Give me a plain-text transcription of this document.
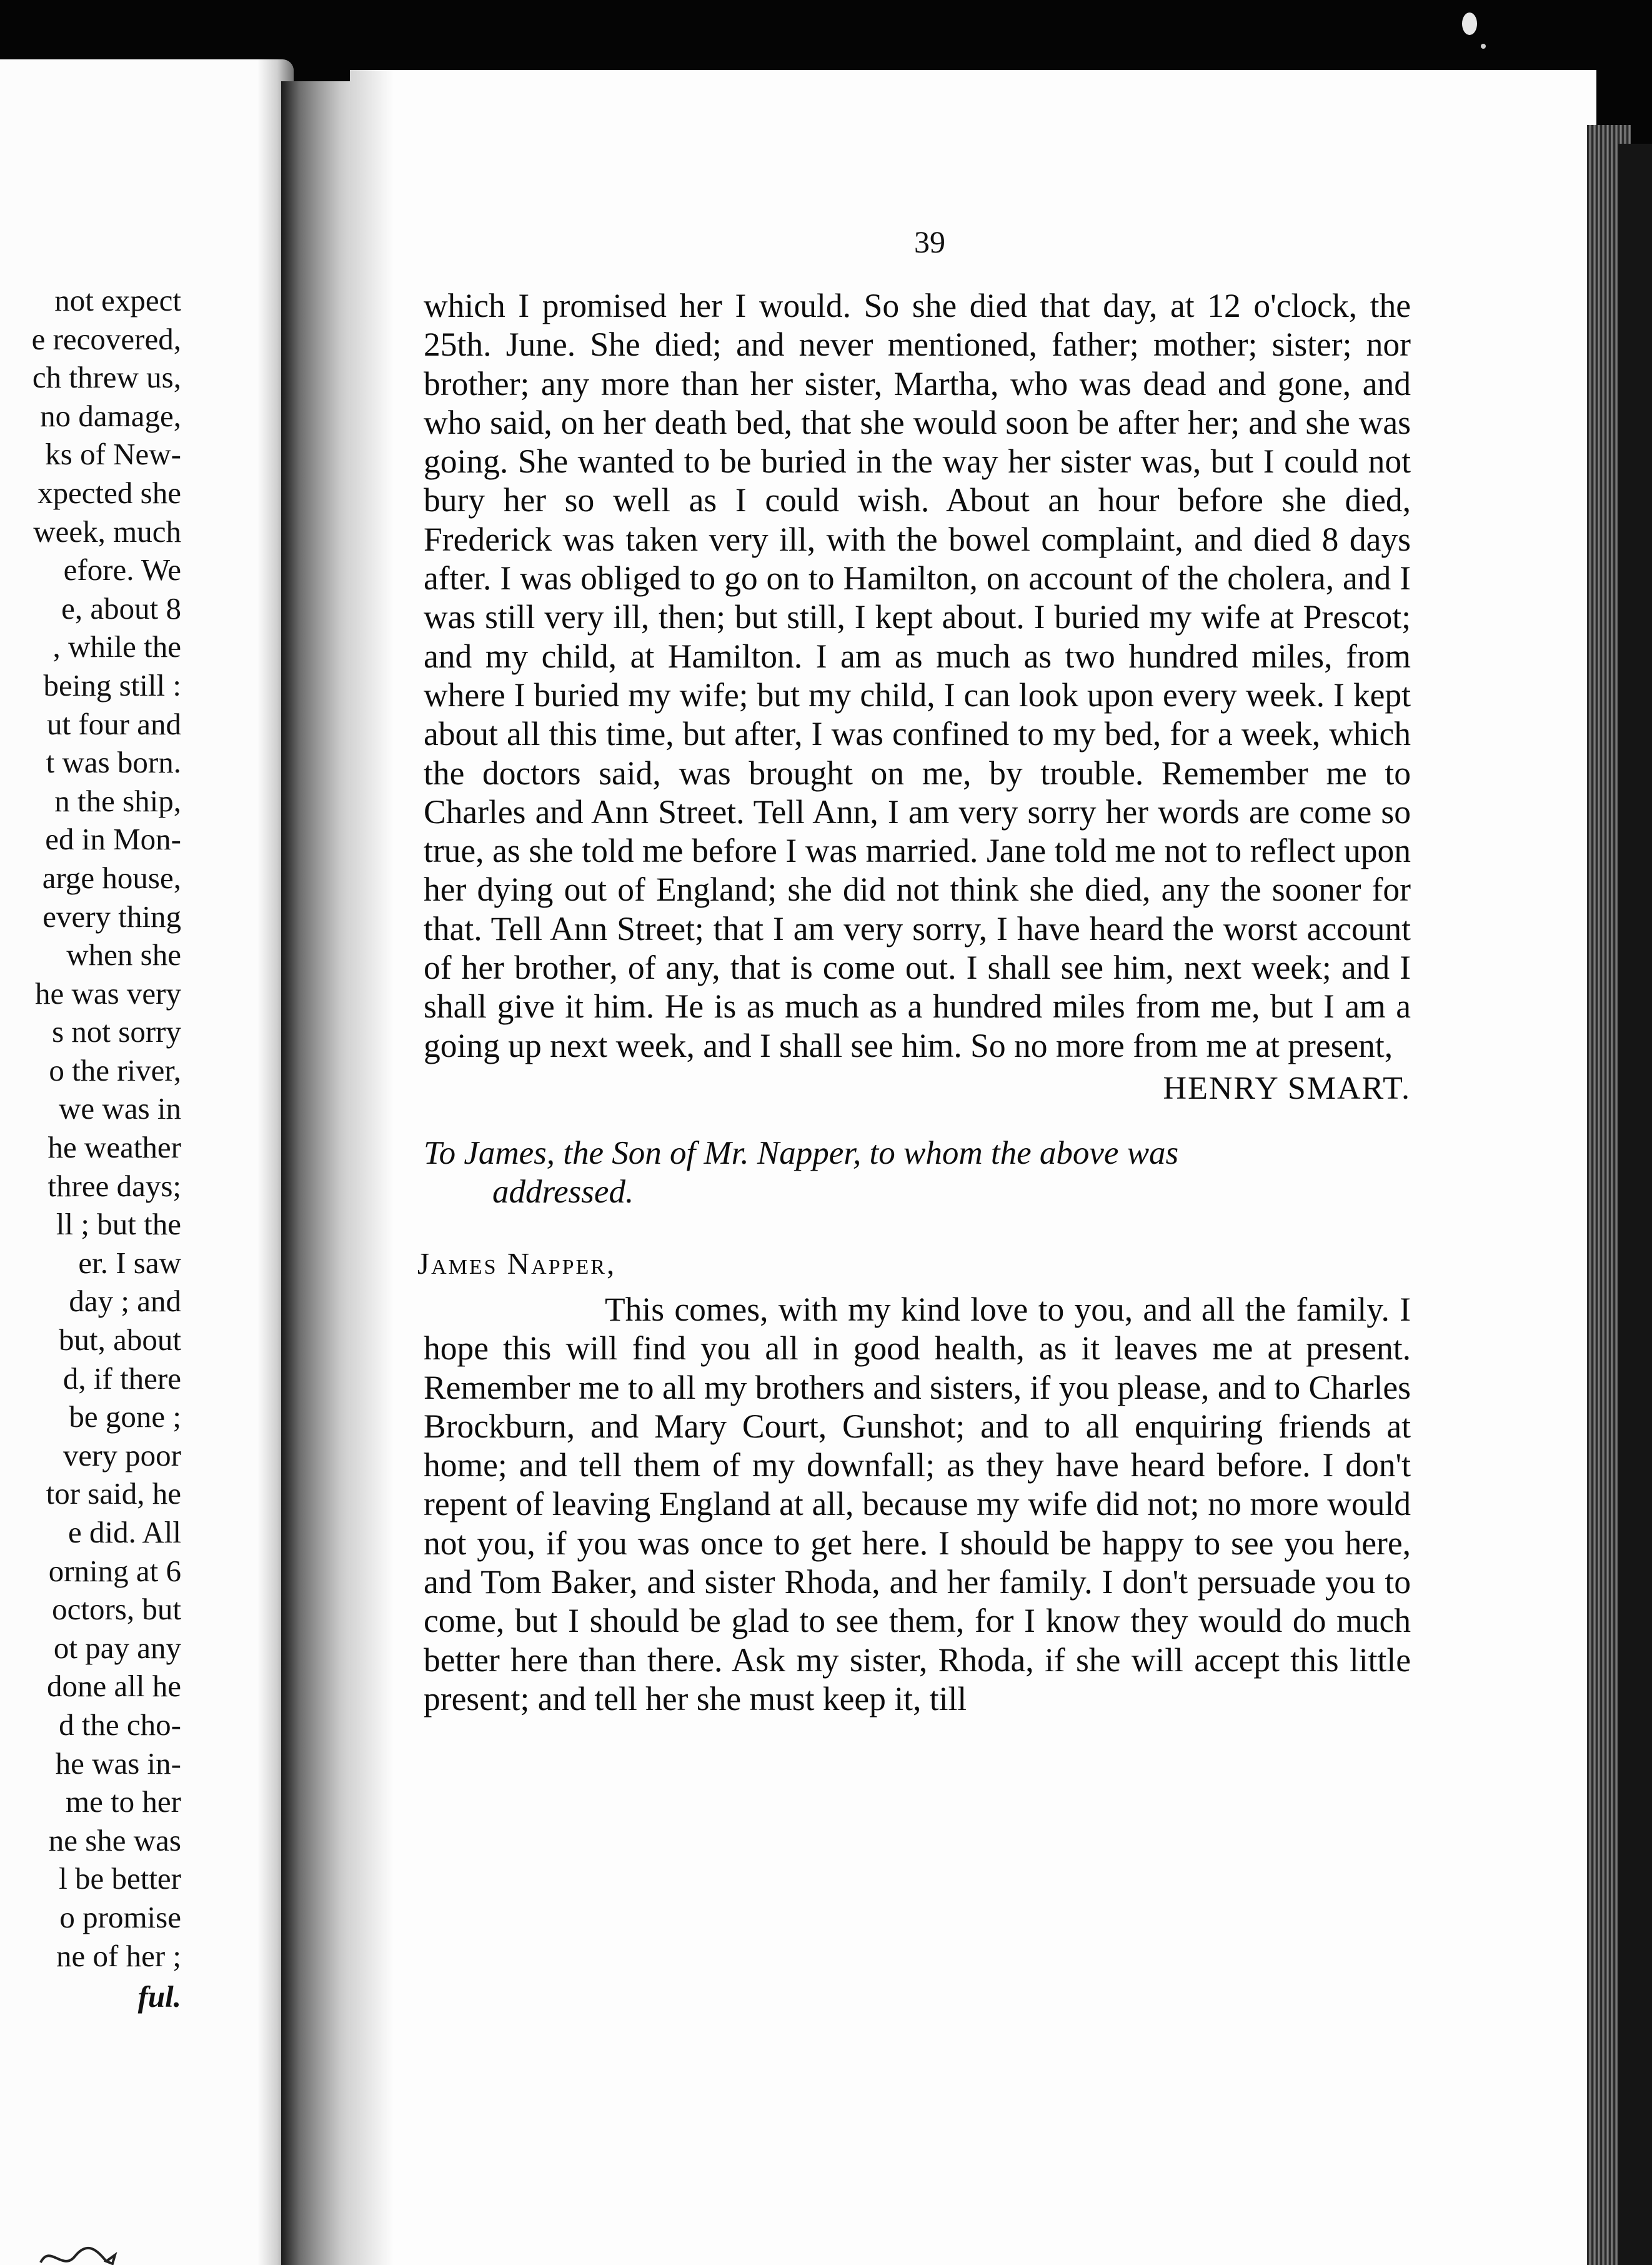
not expect
e recovered,
ch threw us,
no damage,
ks of New-
xpected she
week, much
efore. We
e, about 8
, while the
being still :
ut four and
t was born.
n the ship,
ed in Mon-
arge house,
every thing
when she
he was very
s not sorry
o the river,
we was in
he weather
three days;
ll ; but the
er. I saw
day ; and
but, about
d, if there
be gone ;
very poor
tor said, he
e did. All
orning at 6
octors, but
ot pay any
done all he
d the cho-
he was in-
me to her
ne she was
l be better
o promise
ne of her ;
ful.
39

which I promised her I would. So she died that day, at 12 o'clock, the 25th. June. She died; and never mentioned, father; mother; sister; nor brother; any more than her sister, Martha, who was dead and gone, and who said, on her death bed, that she would soon be after her; and she was going. She wanted to be buried in the way her sister was, but I could not bury her so well as I could wish. About an hour before she died, Frederick was taken very ill, with the bowel complaint, and died 8 days after. I was obliged to go on to Hamilton, on account of the cholera, and I was still very ill, then; but still, I kept about. I buried my wife at Prescot; and my child, at Hamilton. I am as much as two hundred miles, from where I buried my wife; but my child, I can look upon every week. I kept about all this time, but after, I was confined to my bed, for a week, which the doctors said, was brought on me, by trouble. Remember me to Charles and Ann Street. Tell Ann, I am very sorry her words are come so true, as she told me before I was married. Jane told me not to reflect upon her dying out of England; she did not think she died, any the sooner for that. Tell Ann Street; that I am very sorry, I have heard the worst account of her brother, of any, that is come out. I shall see him, next week; and I shall give it him. He is as much as a hundred miles from me, but I am a going up next week, and I shall see him. So no more from me at present,

HENRY SMART.

To James, the Son of Mr. Napper, to whom the above was
addressed.

James Napper,

This comes, with my kind love to you, and all the family. I hope this will find you all in good health, as it leaves me at present. Remember me to all my brothers and sisters, if you please, and to Charles Brockburn, and Mary Court, Gunshot; and to all enquiring friends at home; and tell them of my downfall; as they have heard before. I don't repent of leaving England at all, because my wife did not; no more would not you, if you was once to get here. I should be happy to see you here, and Tom Baker, and sister Rhoda, and her family. I don't persuade you to come, but I should be glad to see them, for I know they would do much better here than there. Ask my sister, Rhoda, if she will accept this little present; and tell her she must keep it, till
